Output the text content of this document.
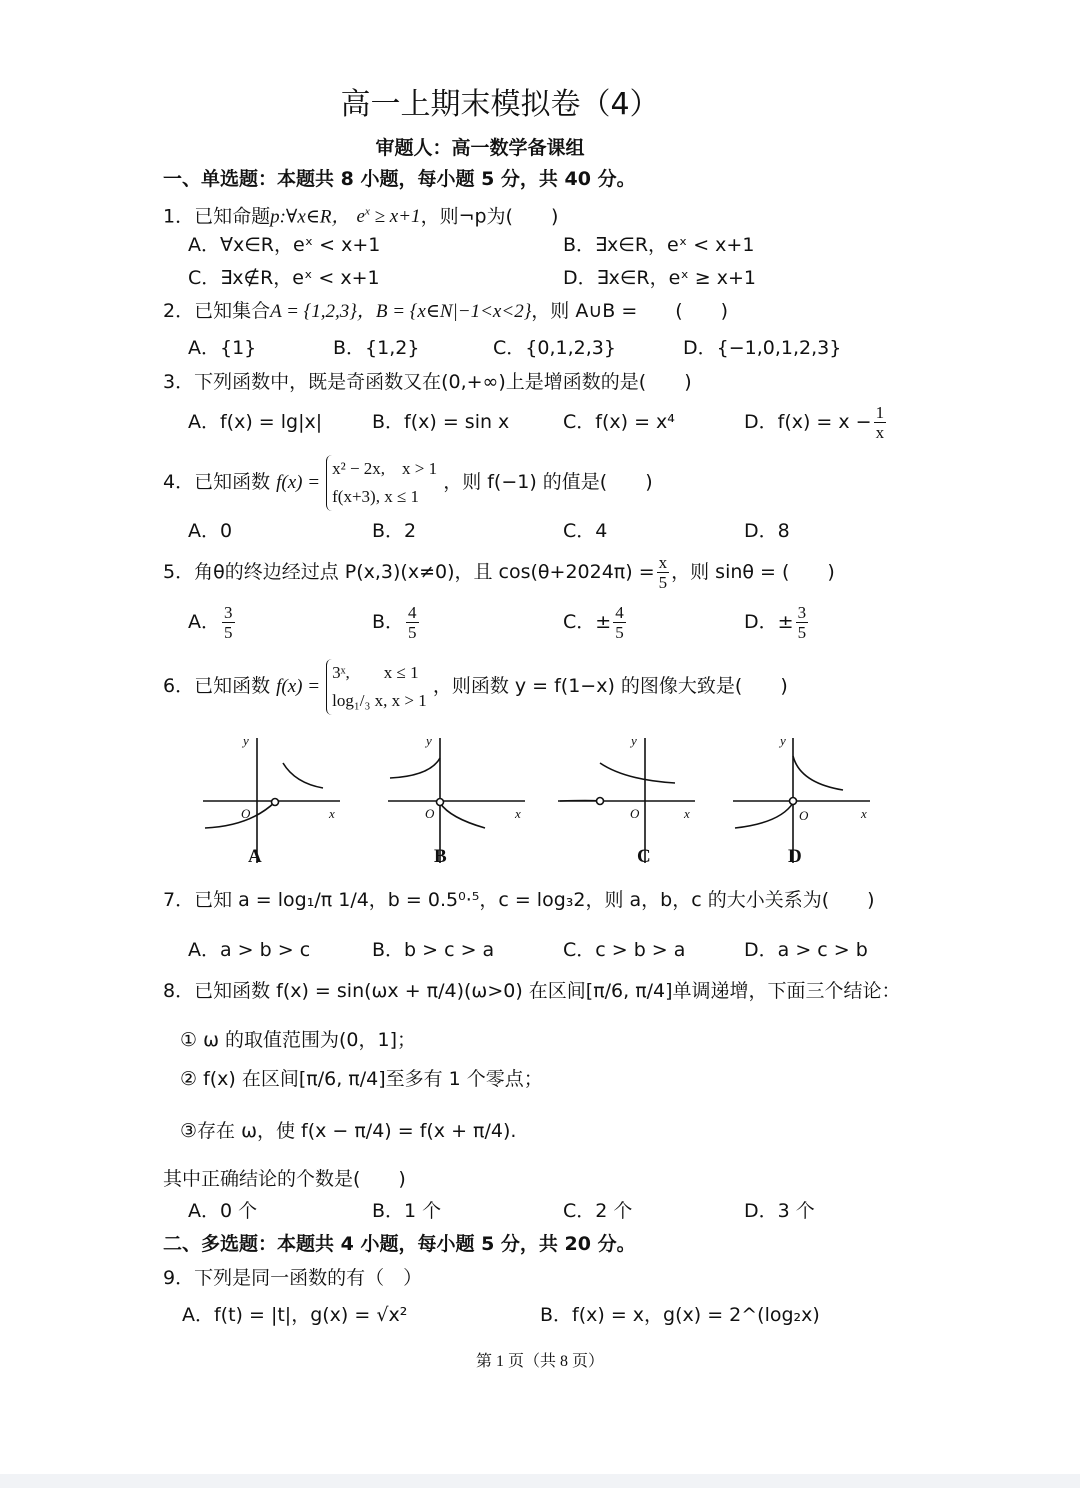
高一上期末模拟卷（4）
审题人：高一数学备课组
一、单选题：本题共 8 小题，每小题 5 分，共 40 分。
1．已知命题p:∀x∈R， $e^x \ge x+1$，则¬p为(　　)
A．∀x∈R，eˣ < x+1	B．∃x∈R，eˣ < x+1
C．∃x∉R，eˣ < x+1	D．∃x∈R，eˣ ≥ x+1
2．已知集合A = {1,2,3}，B = {x∈N|−1<x<2}，则 A∪B =　　(　　)
A．{1}	B．{1,2}	C．{0,1,2,3}	D．{−1,0,1,2,3}
3．下列函数中，既是奇函数又在(0,+∞)上是增函数的是(　　)
A．f(x) = lg|x|	B．f(x) = sin x	C．f(x) = x⁴	D．$f(x) = x - \frac{1}{x}$
4．已知函数 f(x) =
x² − 2x,　x > 1
f(x+3), x ≤ 1
，则 f(−1) 的值是(　　)
A．0	B．2	C．4	D．8
5．角θ的终边经过点 P(x,3)(x≠0)，且 $\cos(\theta+2024\pi) = \frac{x}{5}$ ，则 sinθ = (　　)
A． $\frac{3}{5}$	B． $\frac{4}{5}$	C．± $\frac{4}{5}$	D．± $\frac{3}{5}$
6．已知函数 f(x) =
3ˣ,　　x ≤ 1
log₁/₃ x, x > 1
，则函数 y = f(1−x) 的图像大致是(　　)
y
x
O
y
x
O
y
x
O
y
x
O
A	B	C	D
7．已知 a = log₁/π 1/4，b = 0.5⁰·⁵，c = log₃2，则 a，b，c 的大小关系为(　　)
A．a > b > c	B．b > c > a	C．c > b > a	D．a > c > b
8．已知函数 f(x) = sin(ωx + π/4)(ω>0) 在区间[π/6, π/4]单调递增，下面三个结论：
① ω 的取值范围为(0，1]；
② f(x) 在区间[π/6, π/4]至多有 1 个零点；
③存在 ω，使 f(x − π/4) = f(x + π/4).
其中正确结论的个数是(　　)
A．0 个	B．1 个	C．2 个	D．3 个
二、多选题：本题共 4 小题，每小题 5 分，共 20 分。
9．下列是同一函数的有（　）
A．f(t) = |t|，g(x) = √x²	B．f(x) = x，g(x) = 2^(log₂x)
第 1 页（共 8 页）
